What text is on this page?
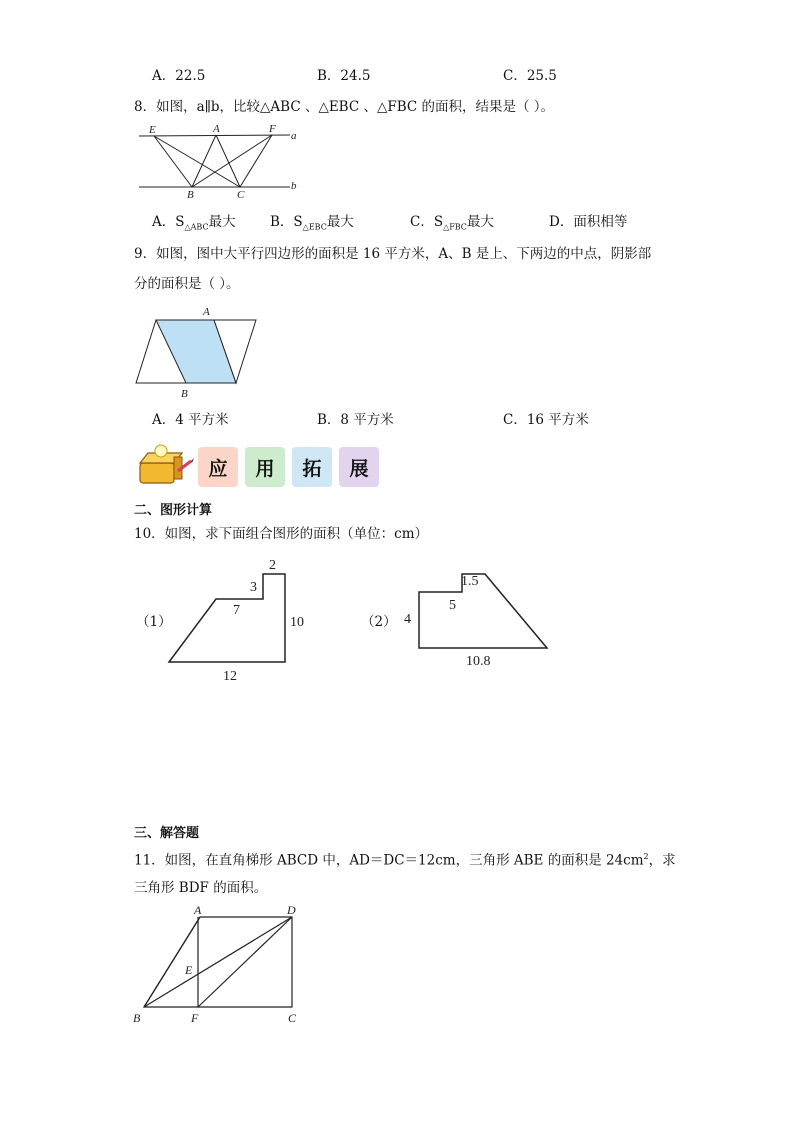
A．22.5	B．24.5	C．25.5
8．如图，a∥b，比较△ABC 、△EBC 、△FBC 的面积，结果是（ ）。
E	A	F
a
B	C
b
A．$S_{\triangle ABC}$最大	B．$S_{\triangle EBC}$最大	C．$S_{\triangle FBC}$最大	D．面积相等
9．如图，图中大平行四边形的面积是 16 平方米，A、B 是上、下两边的中点，阴影部
分的面积是（ ）。
A
B
A．4 平方米	B．8 平方米	C．16 平方米
应	用	拓	展
二、图形计算
10．如图，求下面组合图形的面积（单位：cm）
（1）
2
3
7
10
12
（2）
1.5
5
4
10.8
三、解答题
11．如图，在直角梯形 ABCD 中，AD＝DC＝12cm，三角形 ABE 的面积是 $24cm^2$，求
三角形 BDF 的面积。
A	D
E
B	F	C
